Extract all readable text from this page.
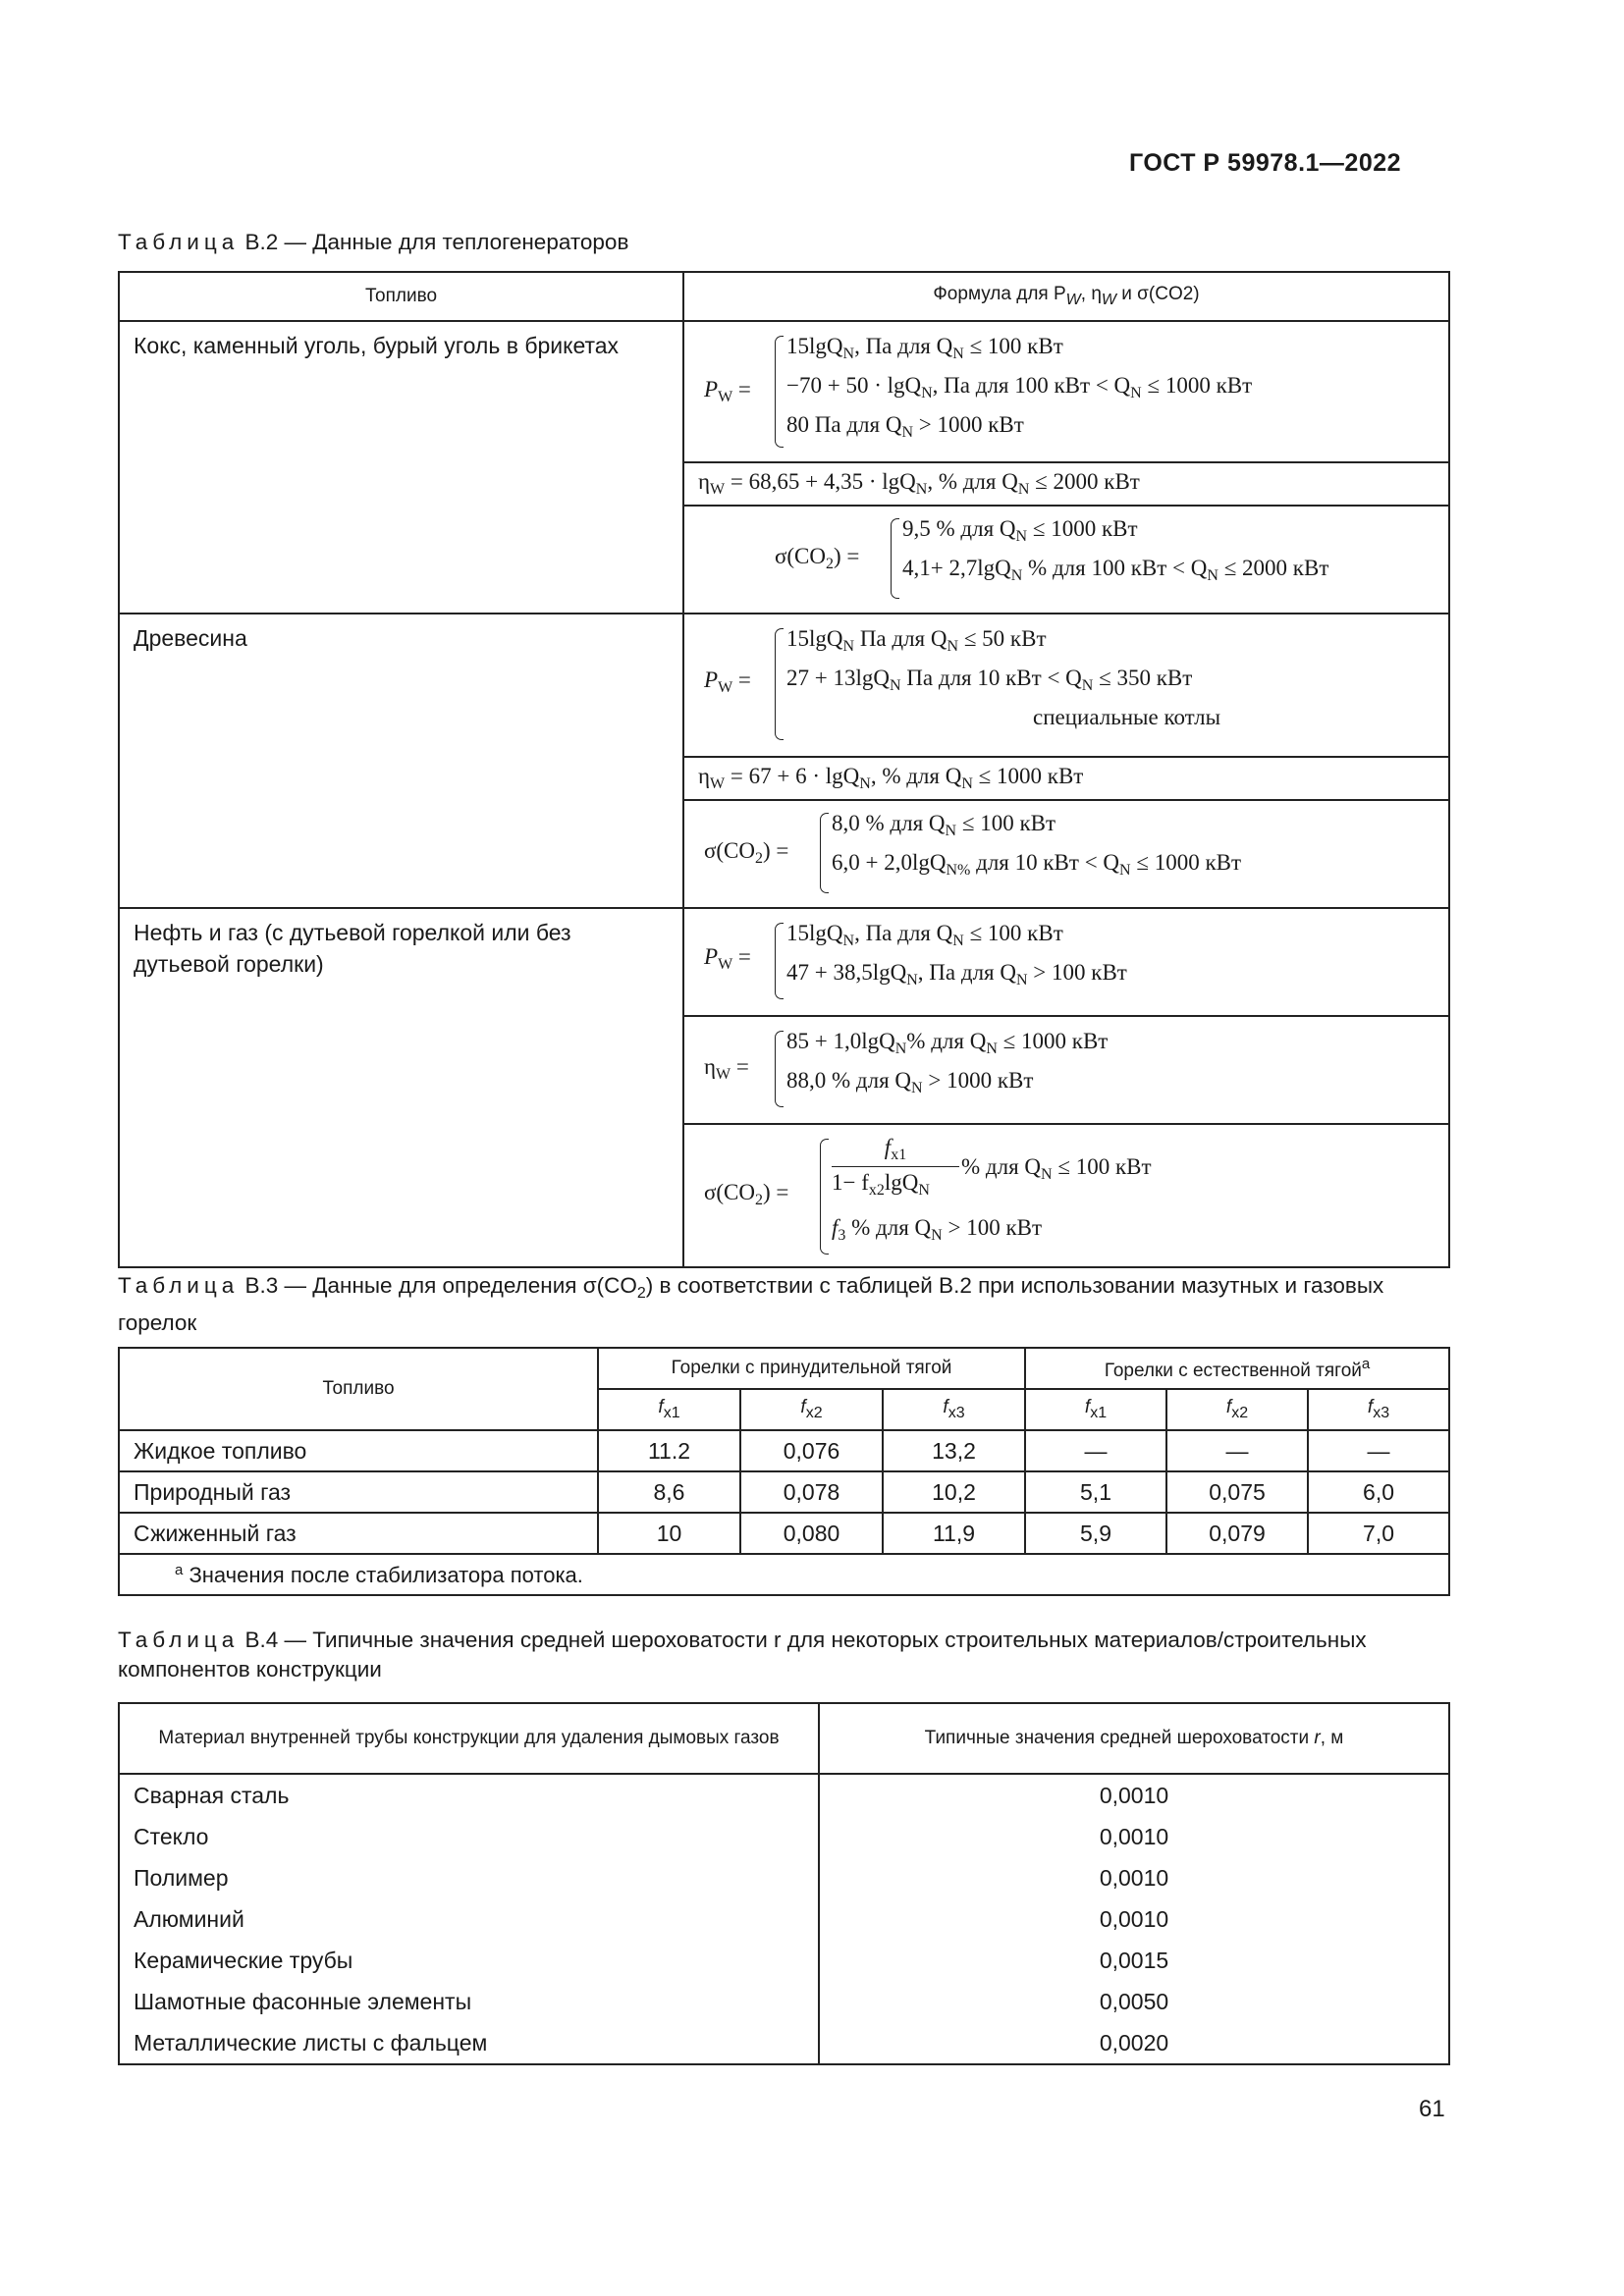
ГОСТ Р 59978.1—2022
Таблица В.2 — Данные для теплогенераторов
Топливо	Формула для $P_W$, $\eta_W$ и σ(CO2)
Кокс, каменный уголь, бурый уголь в брикетах	$P_W$ =
15lgQ$_N$, Па для $Q_N \le 100$ кВт
−70 + 50 · lgQ$_N$, Па для 100 кВт < $Q_N \le 1000$ кВт
80 Па для $Q_N > 1000$ кВт

	$\eta_W = 68,65 + 4,35 \cdot \lg Q_N$, % для $Q_N \le 2000$ кВт

	$\sigma(CO_2)$ =
9,5 % для $Q_N \le 1000$ кВт
4,1+ 2,7lgQ$_N$ % для 100 кВт < $Q_N \le 2000$ кВт

Древесина	$P_W$ =
15lgQ$_N$ Па для $Q_N \le 50$ кВт
27 + 13lgQ$_N$ Па для 10 кВт < $Q_N \le 350$ кВт
специальные котлы

	$\eta_W = 67 + 6 \cdot \lg Q_N$, % для $Q_N \le 1000$ кВт

	$\sigma(CO_2)$ =
8,0 % для $Q_N \le 100$ кВт
6,0 + 2,0lgQ$_{N\%}$ для 10 кВт < $Q_N \le 1000$ кВт

Нефть и газ (с дутьевой горелкой или без дутьевой горелки)	$P_W$ =
15lgQ$_N$, Па для $Q_N \le 100$ кВт
47 + 38,5lgQ$_N$, Па для $Q_N > 100$ кВт

	$\eta_W$ =
85 + 1,0lgQ$_N$% для $Q_N \le 1000$ кВт
88,0 % для $Q_N > 1000$ кВт

	$\sigma(CO_2)$ =
$f_{x1}$
$1- f_{x2}\lg Q_N$
% для $Q_N \le 100$ кВт
$f_3$ % для $Q_N > 100$ кВт
Таблица В.3 — Данные для определения $\sigma(CO_2)$ в соответствии с таблицей В.2 при использовании мазутных и газовых горелок
Топливо	Горелки с принудительной тягой			Горелки с естественной тягой$^a$
	$f_{x1}$	$f_{x2}$	$f_{x3}$	$f_{x1}$	$f_{x2}$	$f_{x3}$
Жидкое топливо	11.2	0,076	13,2	—	—	—
Природный газ	8,6	0,078	10,2	5,1	0,075	6,0
Сжиженный газ	10	0,080	11,9	5,9	0,079	7,0
$^a$ Значения после стабилизатора потока.						
Таблица В.4 — Типичные значения средней шероховатости r для некоторых строительных материалов/строительных компонентов конструкции
Материал внутренней трубы конструкции для удаления дымовых газов	Типичные значения средней шероховатости r, м
Сварная сталь	0,0010
Стекло	0,0010
Полимер	0,0010
Алюминий	0,0010
Керамические трубы	0,0015
Шамотные фасонные элементы	0,0050
Металлические листы с фальцем	0,0020
61
